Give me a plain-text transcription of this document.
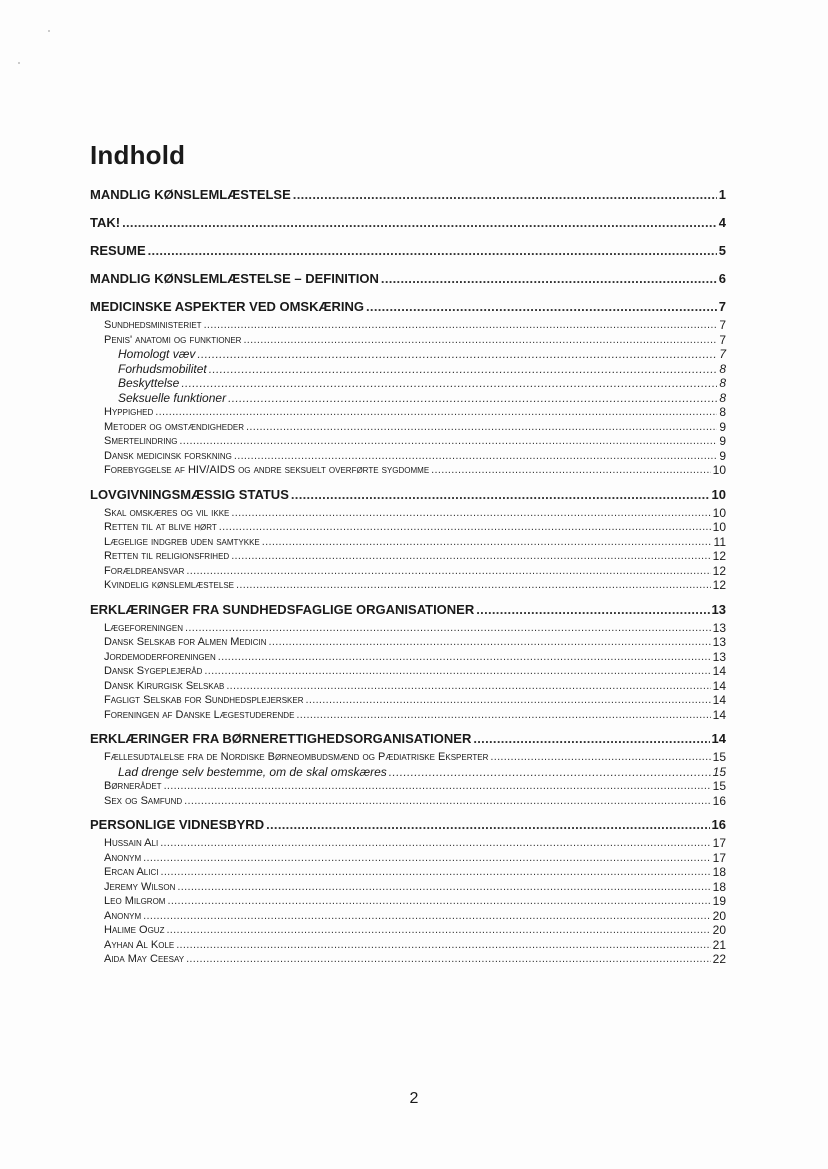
Indhold
MANDLIG KØNSLEMLÆSTELSE .....	1
TAK! .....	4
RESUME .....	5
MANDLIG KØNSLEMLÆSTELSE – DEFINITION .....	6
MEDICINSKE ASPEKTER VED OMSKÆRING .....	7
Sundhedsministeriet .....	7
Penis' anatomi og funktioner .....	7
Homologt væv .....	7
Forhudsmobilitet .....	8
Beskyttelse .....	8
Seksuelle funktioner .....	8
Hyppighed .....	8
Metoder og omstændigheder .....	9
Smertelindring .....	9
Dansk medicinsk forskning .....	9
Forebyggelse af HIV/AIDS og andre seksuelt overførte sygdomme .....	10
LOVGIVNINGSMÆSSIG STATUS .....	10
Skal omskæres og vil ikke .....	10
Retten til at blive hørt .....	10
Lægelige indgreb uden samtykke .....	11
Retten til religionsfrihed .....	12
Forældreansvar .....	12
Kvindelig kønslemlæstelse .....	12
ERKLÆRINGER FRA SUNDHEDSFAGLIGE ORGANISATIONER .....	13
Lægeforeningen .....	13
Dansk Selskab for Almen Medicin .....	13
Jordemoderforeningen .....	13
Dansk Sygeplejeråd .....	14
Dansk Kirurgisk Selskab .....	14
Fagligt Selskab for Sundhedsplejersker .....	14
Foreningen af Danske Lægestuderende .....	14
ERKLÆRINGER FRA BØRNERETTIGHEDSORGANISATIONER .....	14
Fællesudtalelse fra de Nordiske Børneombudsmænd og Pædiatriske Eksperter .....	15
Lad drenge selv bestemme, om de skal omskæres .....	15
Børnerådet .....	15
Sex og Samfund .....	16
PERSONLIGE VIDNESBYRD .....	16
Hussain Ali .....	17
Anonym .....	17
Ercan Alici .....	18
Jeremy Wilson .....	18
Leo Milgrom .....	19
Anonym .....	20
Halime Oguz .....	20
Ayhan Al Kole .....	21
Aida May Ceesay .....	22
2
